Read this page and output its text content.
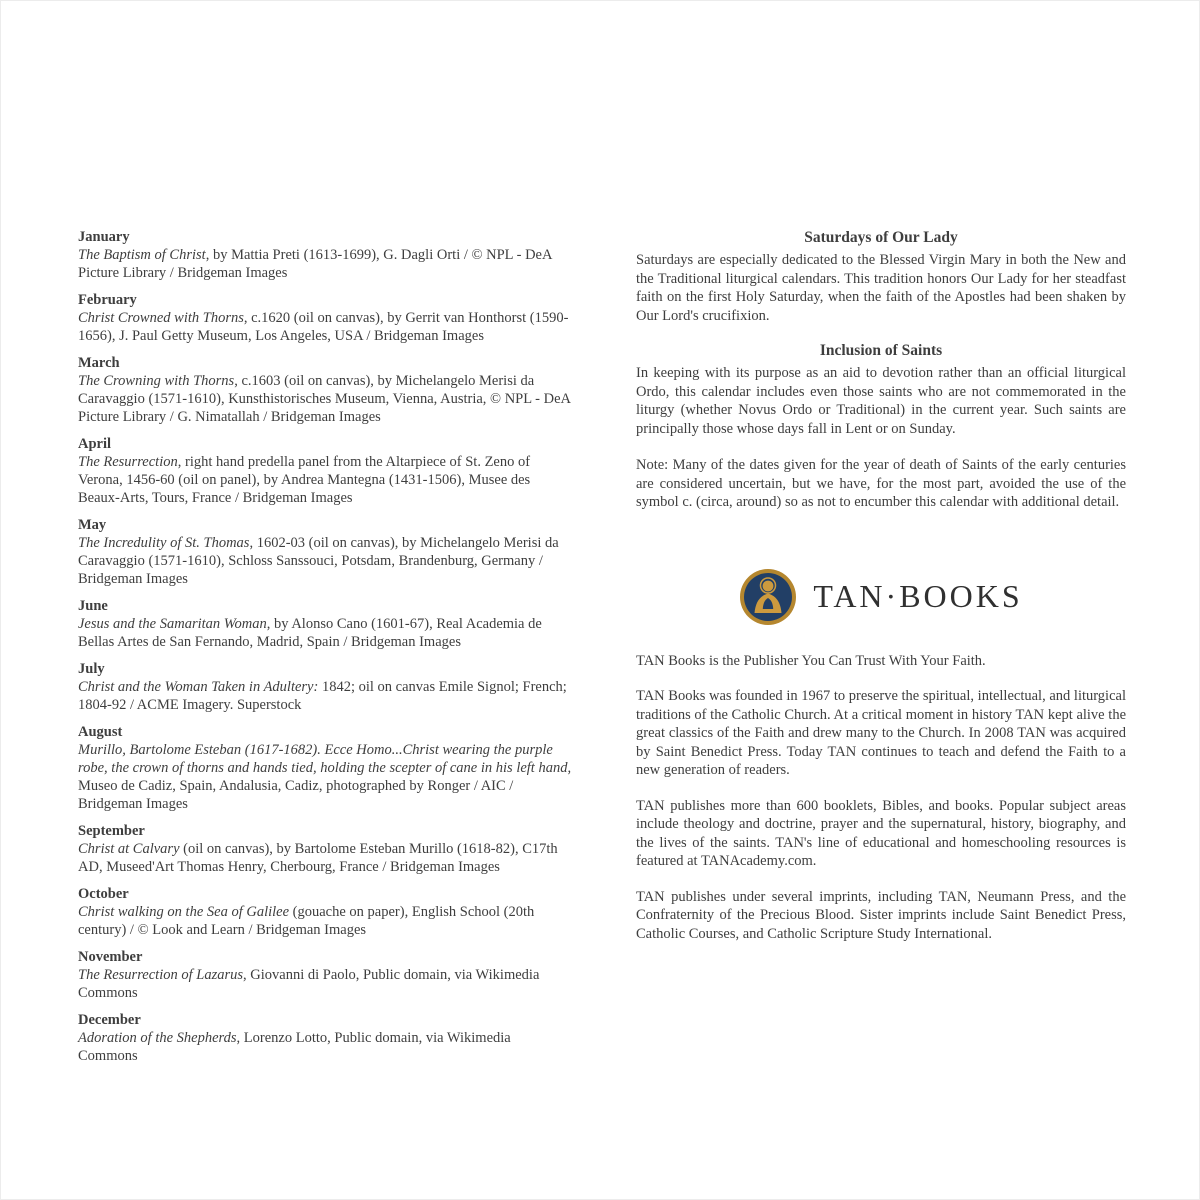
January
The Baptism of Christ, by Mattia Preti (1613-1699), G. Dagli Orti / © NPL - DeA Picture Library / Bridgeman Images
February
Christ Crowned with Thorns, c.1620 (oil on canvas), by Gerrit van Honthorst (1590-1656), J. Paul Getty Museum, Los Angeles, USA / Bridgeman Images
March
The Crowning with Thorns, c.1603 (oil on canvas), by Michelangelo Merisi da Caravaggio (1571-1610), Kunsthistorisches Museum, Vienna, Austria, © NPL - DeA Picture Library / G. Nimatallah / Bridgeman Images
April
The Resurrection, right hand predella panel from the Altarpiece of St. Zeno of Verona, 1456-60 (oil on panel), by Andrea Mantegna (1431-1506), Musee des Beaux-Arts, Tours, France / Bridgeman Images
May
The Incredulity of St. Thomas, 1602-03 (oil on canvas), by Michelangelo Merisi da Caravaggio (1571-1610), Schloss Sanssouci, Potsdam, Brandenburg, Germany / Bridgeman Images
June
Jesus and the Samaritan Woman, by Alonso Cano (1601-67), Real Academia de Bellas Artes de San Fernando, Madrid, Spain / Bridgeman Images
July
Christ and the Woman Taken in Adultery: 1842; oil on canvas Emile Signol; French; 1804-92 / ACME Imagery. Superstock
August
Murillo, Bartolome Esteban (1617-1682). Ecce Homo...Christ wearing the purple robe, the crown of thorns and hands tied, holding the scepter of cane in his left hand, Museo de Cadiz, Spain, Andalusia, Cadiz, photographed by Ronger / AIC / Bridgeman Images
September
Christ at Calvary (oil on canvas), by Bartolome Esteban Murillo (1618-82), C17th AD, Museed'Art Thomas Henry, Cherbourg, France / Bridgeman Images
October
Christ walking on the Sea of Galilee (gouache on paper), English School (20th century) / © Look and Learn / Bridgeman Images
November
The Resurrection of Lazarus, Giovanni di Paolo, Public domain, via Wikimedia Commons
December
Adoration of the Shepherds, Lorenzo Lotto, Public domain, via Wikimedia Commons
Saturdays of Our Lady
Saturdays are especially dedicated to the Blessed Virgin Mary in both the New and the Traditional liturgical calendars. This tradition honors Our Lady for her steadfast faith on the first Holy Saturday, when the faith of the Apostles had been shaken by Our Lord's crucifixion.
Inclusion of Saints
In keeping with its purpose as an aid to devotion rather than an official liturgical Ordo, this calendar includes even those saints who are not commemorated in the liturgy (whether Novus Ordo or Traditional) in the current year. Such saints are principally those whose days fall in Lent or on Sunday.
Note: Many of the dates given for the year of death of Saints of the early centuries are considered uncertain, but we have, for the most part, avoided the use of the symbol c. (circa, around) so as not to encumber this calendar with additional detail.
TAN·BOOKS
TAN Books is the Publisher You Can Trust With Your Faith.
TAN Books was founded in 1967 to preserve the spiritual, intellectual, and liturgical traditions of the Catholic Church. At a critical moment in history TAN kept alive the great classics of the Faith and drew many to the Church. In 2008 TAN was acquired by Saint Benedict Press. Today TAN continues to teach and defend the Faith to a new generation of readers.
TAN publishes more than 600 booklets, Bibles, and books. Popular subject areas include theology and doctrine, prayer and the supernatural, history, biography, and the lives of the saints. TAN's line of educational and homeschooling resources is featured at TANAcademy.com.
TAN publishes under several imprints, including TAN, Neumann Press, and the Confraternity of the Precious Blood. Sister imprints include Saint Benedict Press, Catholic Courses, and Catholic Scripture Study International.
